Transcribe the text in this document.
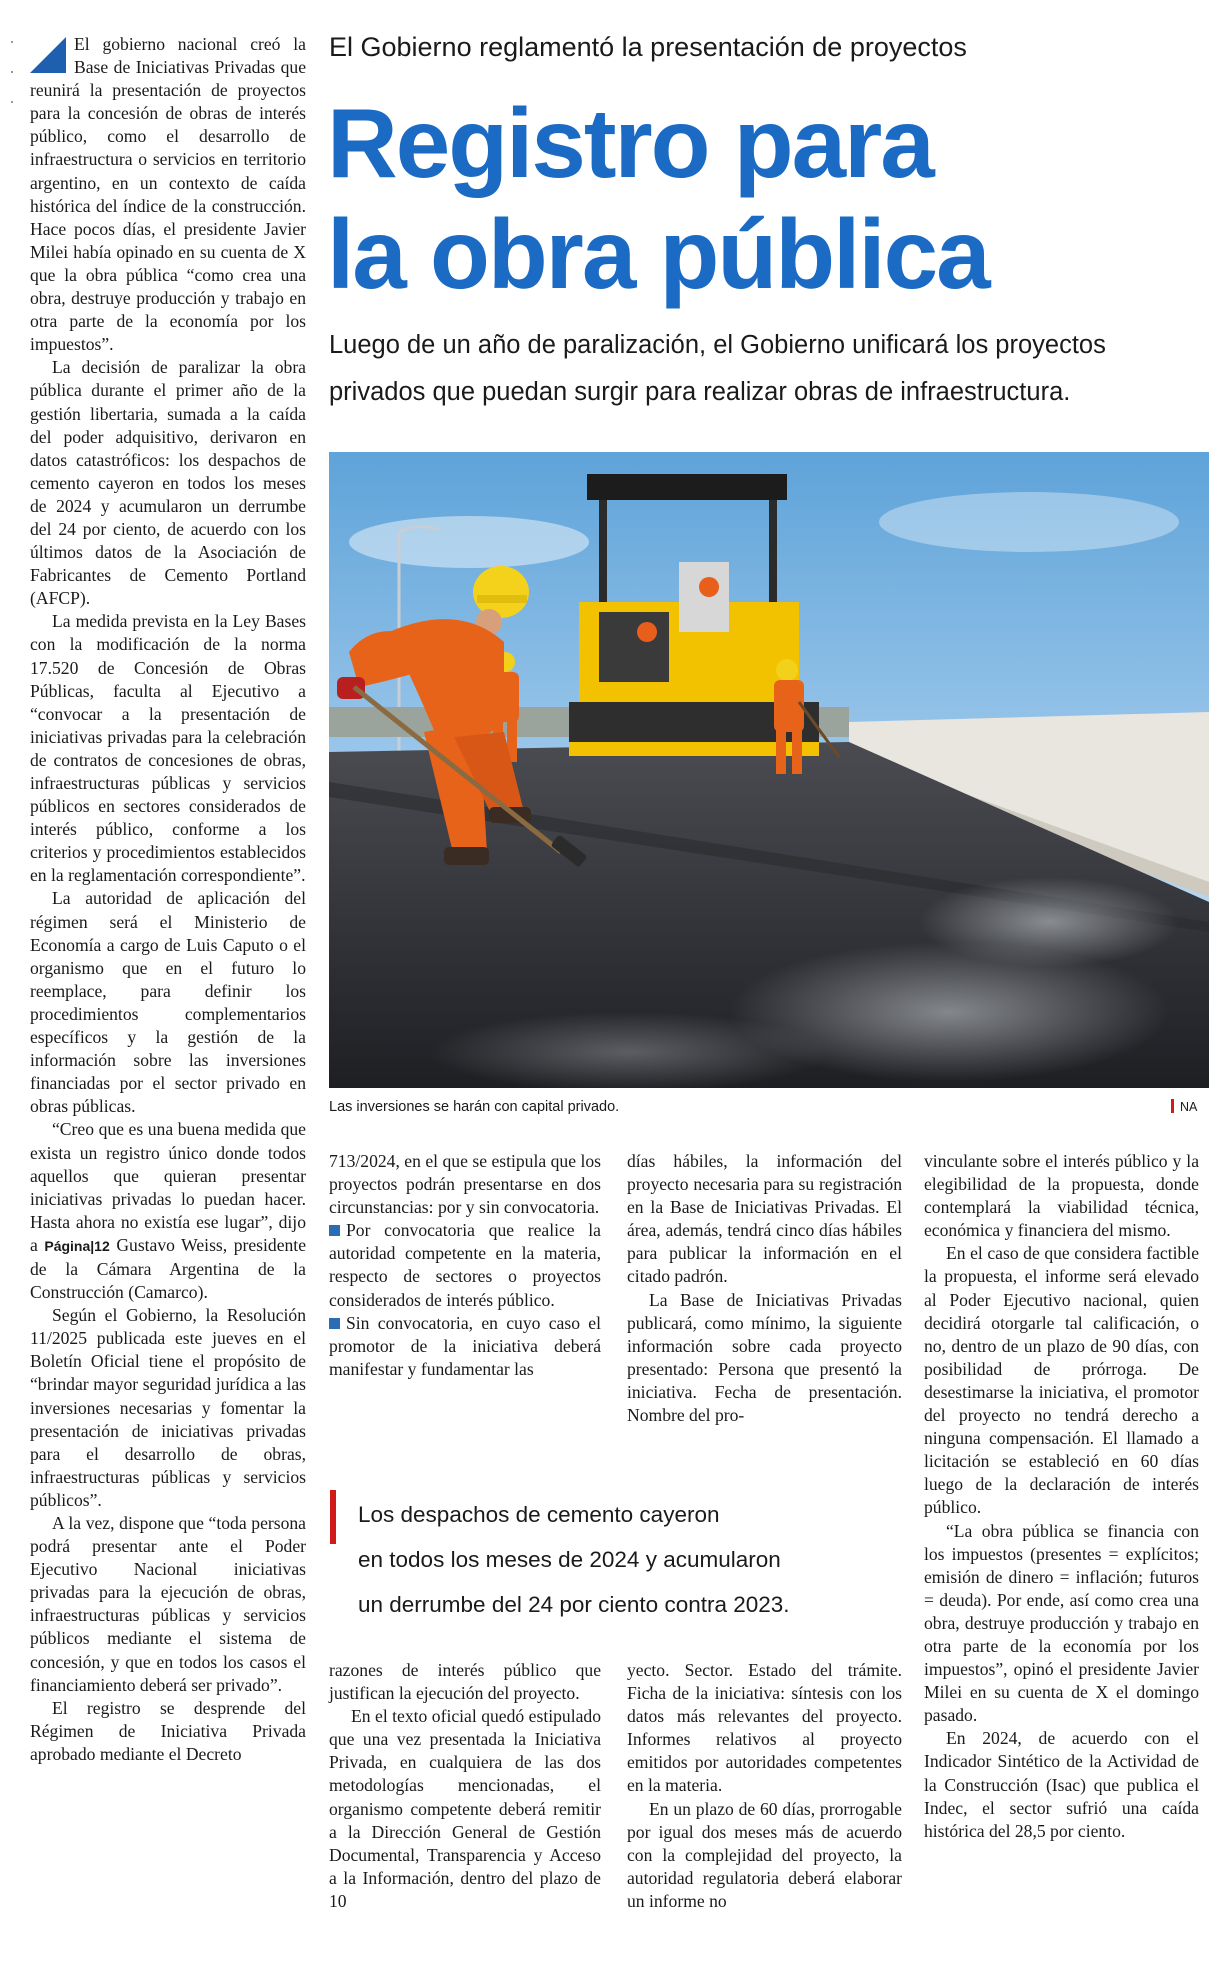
El gobierno nacional creó la Base de Iniciativas Privadas que reunirá la presentación de proyectos para la concesión de obras de interés público, como el desarrollo de infraestructura o servicios en territorio argentino, en un contexto de caída histórica del índice de la construcción. Hace pocos días, el presidente Javier Milei había opinado en su cuenta de X que la obra pública “como crea una obra, destruye producción y trabajo en otra parte de la economía por los impuestos”.

La decisión de paralizar la obra pública durante el primer año de la gestión libertaria, sumada a la caída del poder adquisitivo, derivaron en datos catastróficos: los despachos de cemento cayeron en todos los meses de 2024 y acumularon un derrumbe del 24 por ciento, de acuerdo con los últimos datos de la Asociación de Fabricantes de Cemento Portland (AFCP).

La medida prevista en la Ley Bases con la modificación de la norma 17.520 de Concesión de Obras Públicas, faculta al Ejecutivo a “convocar a la presentación de iniciativas privadas para la celebración de contratos de concesiones de obras, infraestructuras públicas y servicios públicos en sectores considerados de interés público, conforme a los criterios y procedimientos establecidos en la reglamentación correspondiente”.

La autoridad de aplicación del régimen será el Ministerio de Economía a cargo de Luis Caputo o el organismo que en el futuro lo reemplace, para definir los procedimientos complementarios específicos y la gestión de la información sobre las inversiones financiadas por el sector privado en obras públicas.

“Creo que es una buena medida que exista un registro único donde todos aquellos que quieran presentar iniciativas privadas lo puedan hacer. Hasta ahora no existía ese lugar”, dijo a Página|12 Gustavo Weiss, presidente de la Cámara Argentina de la Construcción (Camarco).

Según el Gobierno, la Resolución 11/2025 publicada este jueves en el Boletín Oficial tiene el propósito de “brindar mayor seguridad jurídica a las inversiones necesarias y fomentar la presentación de iniciativas privadas para el desarrollo de obras, infraestructuras públicas y servicios públicos”.

A la vez, dispone que “toda persona podrá presentar ante el Poder Ejecutivo Nacional iniciativas privadas para la ejecución de obras, infraestructuras públicas y servicios públicos mediante el sistema de concesión, y que en todos los casos el financiamiento deberá ser privado”.

El registro se desprende del Régimen de Iniciativa Privada aprobado mediante el Decreto

El Gobierno reglamentó la presentación de proyectos
Registro para
la obra pública
Luego de un año de paralización, el Gobierno unificará los proyectos privados que puedan surgir para realizar obras de infraestructura.
Las inversiones se harán con capital privado.	NA

713/2024, en el que se estipula que los proyectos podrán presentarse en dos circunstancias: por y sin convocatoria.

Por convocatoria que realice la autoridad competente en la materia, respecto de sectores o proyectos considerados de interés público.

Sin convocatoria, en cuyo caso el promotor de la iniciativa deberá manifestar y fundamentar las

días hábiles, la información del proyecto necesaria para su registración en la Base de Iniciativas Privadas. El área, además, tendrá cinco días hábiles para publicar la información en el citado padrón.

La Base de Iniciativas Privadas publicará, como mínimo, la siguiente información sobre cada proyecto presentado: Persona que presentó la iniciativa. Fecha de presentación. Nombre del pro-

Los despachos de cemento cayeron
en todos los meses de 2024 y acumularon
un derrumbe del 24 por ciento contra 2023.

razones de interés público que justifican la ejecución del proyecto.

En el texto oficial quedó estipulado que una vez presentada la Iniciativa Privada, en cualquiera de las dos metodologías mencionadas, el organismo competente deberá remitir a la Dirección General de Gestión Documental, Transparencia y Acceso a la Información, dentro del plazo de 10

yecto. Sector. Estado del trámite. Ficha de la iniciativa: síntesis con los datos más relevantes del proyecto. Informes relativos al proyecto emitidos por autoridades competentes en la materia.

En un plazo de 60 días, prorrogable por igual dos meses más de acuerdo con la complejidad del proyecto, la autoridad regulatoria deberá elaborar un informe no

vinculante sobre el interés público y la elegibilidad de la propuesta, donde contemplará la viabilidad técnica, económica y financiera del mismo.

En el caso de que considera factible la propuesta, el informe será elevado al Poder Ejecutivo nacional, quien decidirá otorgarle tal calificación, o no, dentro de un plazo de 90 días, con posibilidad de prórroga. De desestimarse la iniciativa, el promotor del proyecto no tendrá derecho a ninguna compensación. El llamado a licitación se estableció en 60 días luego de la declaración de interés público.

“La obra pública se financia con los impuestos (presentes = explícitos; emisión de dinero = inflación; futuros = deuda). Por ende, así como crea una obra, destruye producción y trabajo en otra parte de la economía por los impuestos”, opinó el presidente Javier Milei en su cuenta de X el domingo pasado.

En 2024, de acuerdo con el Indicador Sintético de la Actividad de la Construcción (Isac) que publica el Indec, el sector sufrió una caída histórica del 28,5 por ciento.
